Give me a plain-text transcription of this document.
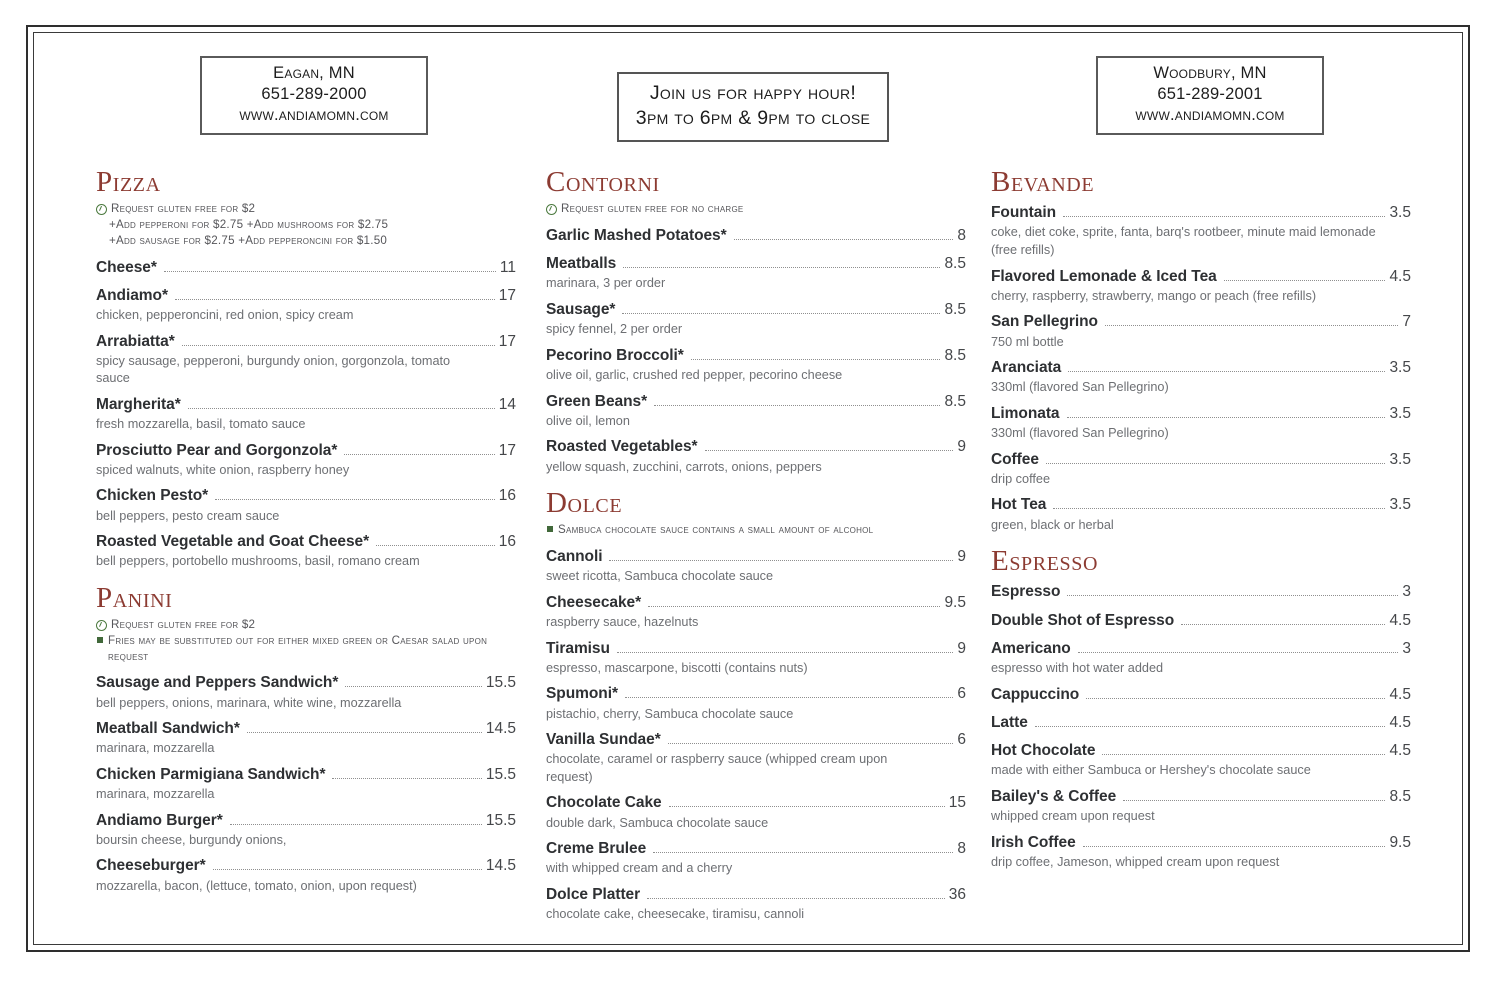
Eagan, MN
651-289-2000
www.andiamomn.com
Join us for happy hour!
3pm to 6pm & 9pm to close
Woodbury, MN
651-289-2001
www.andiamomn.com
Pizza
Request gluten free for $2
+Add pepperoni for $2.75 +Add mushrooms for $2.75
+Add sausage for $2.75 +Add pepperoncini for $1.50
Cheese*	11
Andiamo*	17
chicken, pepperoncini, red onion, spicy cream
Arrabiatta*	17
spicy sausage, pepperoni, burgundy onion, gorgonzola, tomato sauce
Margherita*	14
fresh mozzarella, basil, tomato sauce
Prosciutto Pear and Gorgonzola*	17
spiced walnuts, white onion, raspberry honey
Chicken Pesto*	16
bell peppers, pesto cream sauce
Roasted Vegetable and Goat Cheese*	16
bell peppers, portobello mushrooms, basil, romano cream
Panini
Request gluten free for $2
Fries may be substituted out for either mixed green or Caesar salad upon request
Sausage and Peppers Sandwich*	15.5
bell peppers, onions, marinara, white wine, mozzarella
Meatball Sandwich*	14.5
marinara, mozzarella
Chicken Parmigiana Sandwich*	15.5
marinara, mozzarella
Andiamo Burger*	15.5
boursin cheese, burgundy onions,
Cheeseburger*	14.5
mozzarella, bacon, (lettuce, tomato, onion, upon request)
Contorni
Request gluten free for no charge
Garlic Mashed Potatoes*	8
Meatballs	8.5
marinara, 3 per order
Sausage*	8.5
spicy fennel, 2 per order
Pecorino Broccoli*	8.5
olive oil, garlic, crushed red pepper, pecorino cheese
Green Beans*	8.5
olive oil, lemon
Roasted Vegetables*	9
yellow squash, zucchini, carrots, onions, peppers
Dolce
Sambuca chocolate sauce contains a small amount of alcohol
Cannoli	9
sweet ricotta, Sambuca chocolate sauce
Cheesecake*	9.5
raspberry sauce, hazelnuts
Tiramisu	9
espresso, mascarpone, biscotti (contains nuts)
Spumoni*	6
pistachio, cherry, Sambuca chocolate sauce
Vanilla Sundae*	6
chocolate, caramel or raspberry sauce (whipped cream upon request)
Chocolate Cake	15
double dark, Sambuca chocolate sauce
Creme Brulee	8
with whipped cream and a cherry
Dolce Platter	36
chocolate cake, cheesecake, tiramisu, cannoli
Bevande
Fountain	3.5
coke, diet coke, sprite, fanta, barq's rootbeer, minute maid lemonade (free refills)
Flavored Lemonade & Iced Tea	4.5
cherry, raspberry, strawberry, mango or peach (free refills)
San Pellegrino	7
750 ml bottle
Aranciata	3.5
330ml (flavored San Pellegrino)
Limonata	3.5
330ml (flavored San Pellegrino)
Coffee	3.5
drip coffee
Hot Tea	3.5
green, black or herbal
Espresso
Espresso	3
Double Shot of Espresso	4.5
Americano	3
espresso with hot water added
Cappuccino	4.5
Latte	4.5
Hot Chocolate	4.5
made with either Sambuca or Hershey's chocolate sauce
Bailey's & Coffee	8.5
whipped cream upon request
Irish Coffee	9.5
drip coffee, Jameson, whipped cream upon request
